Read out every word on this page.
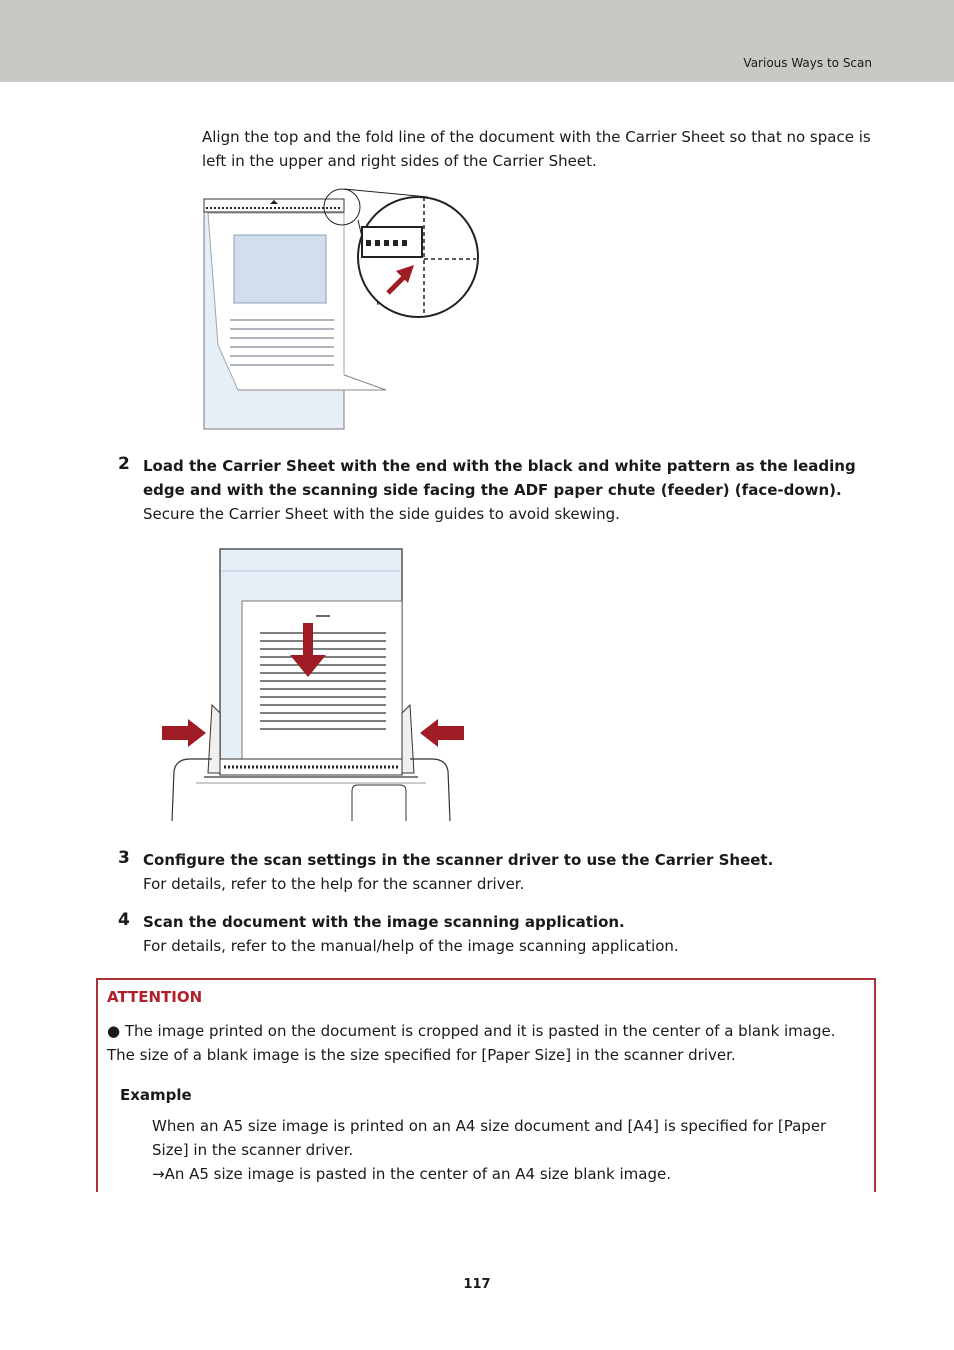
Various Ways to Scan
Align the top and the fold line of the document with the Carrier Sheet so that no space is left in the upper and right sides of the Carrier Sheet.
2 Load the Carrier Sheet with the end with the black and white pattern as the leading edge and with the scanning side facing the ADF paper chute (feeder) (face-down).
Secure the Carrier Sheet with the side guides to avoid skewing.
3 Configure the scan settings in the scanner driver to use the Carrier Sheet.
For details, refer to the help for the scanner driver.
4 Scan the document with the image scanning application.
For details, refer to the manual/help of the image scanning application.
ATTENTION
● The image printed on the document is cropped and it is pasted in the center of a blank image. The size of a blank image is the size specified for [Paper Size] in the scanner driver.
Example
When an A5 size image is printed on an A4 size document and [A4] is specified for [Paper Size] in the scanner driver.
→An A5 size image is pasted in the center of an A4 size blank image.
117
